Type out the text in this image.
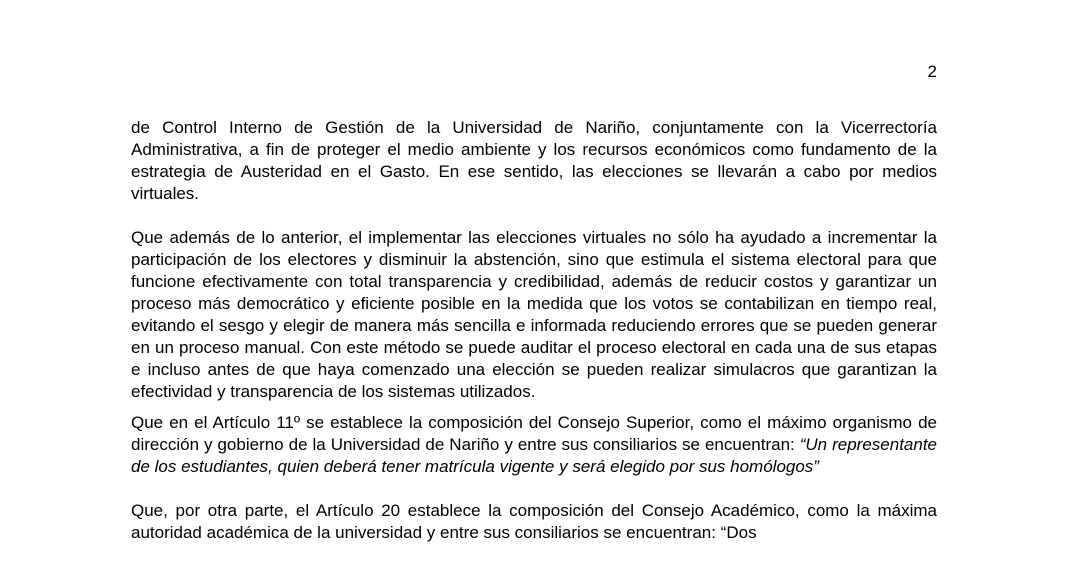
2

de Control Interno de Gestión de la Universidad de Nariño, conjuntamente con la Vicerrectoría Administrativa, a fin de proteger el medio ambiente y los recursos económicos como fundamento de la estrategia de Austeridad en el Gasto. En ese sentido, las elecciones se llevarán a cabo por medios virtuales.

Que además de lo anterior, el implementar las elecciones virtuales no sólo ha ayudado a incrementar la participación de los electores y disminuir la abstención, sino que estimula el sistema electoral para que funcione efectivamente con total transparencia y credibilidad, además de reducir costos y garantizar un proceso más democrático y eficiente posible en la medida que los votos se contabilizan en tiempo real, evitando el sesgo y elegir de manera más sencilla e informada reduciendo errores que se pueden generar en un proceso manual. Con este método se puede auditar el proceso electoral en cada una de sus etapas e incluso antes de que haya comenzado una elección se pueden realizar simulacros que garantizan la efectividad y transparencia de los sistemas utilizados.

Que en el Artículo 11º se establece la composición del Consejo Superior, como el máximo organismo de dirección y gobierno de la Universidad de Nariño y entre sus consiliarios se encuentran: “Un representante de los estudiantes, quien deberá tener matrícula vigente y será elegido por sus homólogos”

Que, por otra parte, el Artículo 20 establece la composición del Consejo Académico, como la máxima autoridad académica de la universidad y entre sus consiliarios se encuentran: “Dos
